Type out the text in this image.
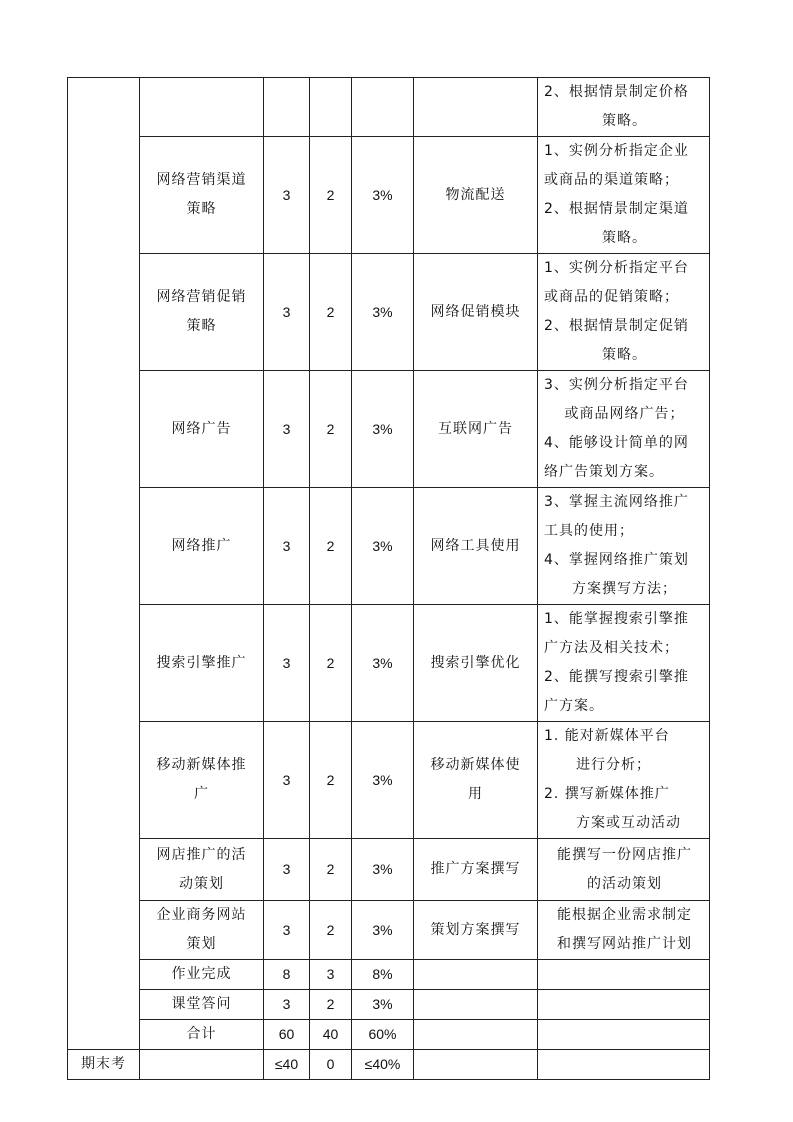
						2、根据情景制定价格
策略。

	网络营销渠道策略	3	2	3%	物流配送	1、实例分析指定企业
或商品的渠道策略；
2、根据情景制定渠道
策略。

	网络营销促销策略	3	2	3%	网络促销模块	1、实例分析指定平台
或商品的促销策略；
2、根据情景制定促销
策略。

	网络广告	3	2	3%	互联网广告	3、实例分析指定平台
或商品网络广告；
4、能够设计简单的网
络广告策划方案。

	网络推广	3	2	3%	网络工具使用	3、掌握主流网络推广
工具的使用；
4、掌握网络推广策划
方案撰写方法；

	搜索引擎推广	3	2	3%	搜索引擎优化	1、能掌握搜索引擎推
广方法及相关技术；
2、能撰写搜索引擎推
广方案。

	移动新媒体推广	3	2	3%	移动新媒体使用	1. 能对新媒体平台
进行分析；
2. 撰写新媒体推广
方案或互动活动

	网店推广的活动策划	3	2	3%	推广方案撰写	能撰写一份网店推广
的活动策划

	企业商务网站策划	3	2	3%	策划方案撰写	能根据企业需求制定
和撰写网站推广计划

	作业完成	8	3	8%		
	课堂答问	3	2	3%		
	合计	60	40	60%		
期末考		≤40	0	≤40%		
